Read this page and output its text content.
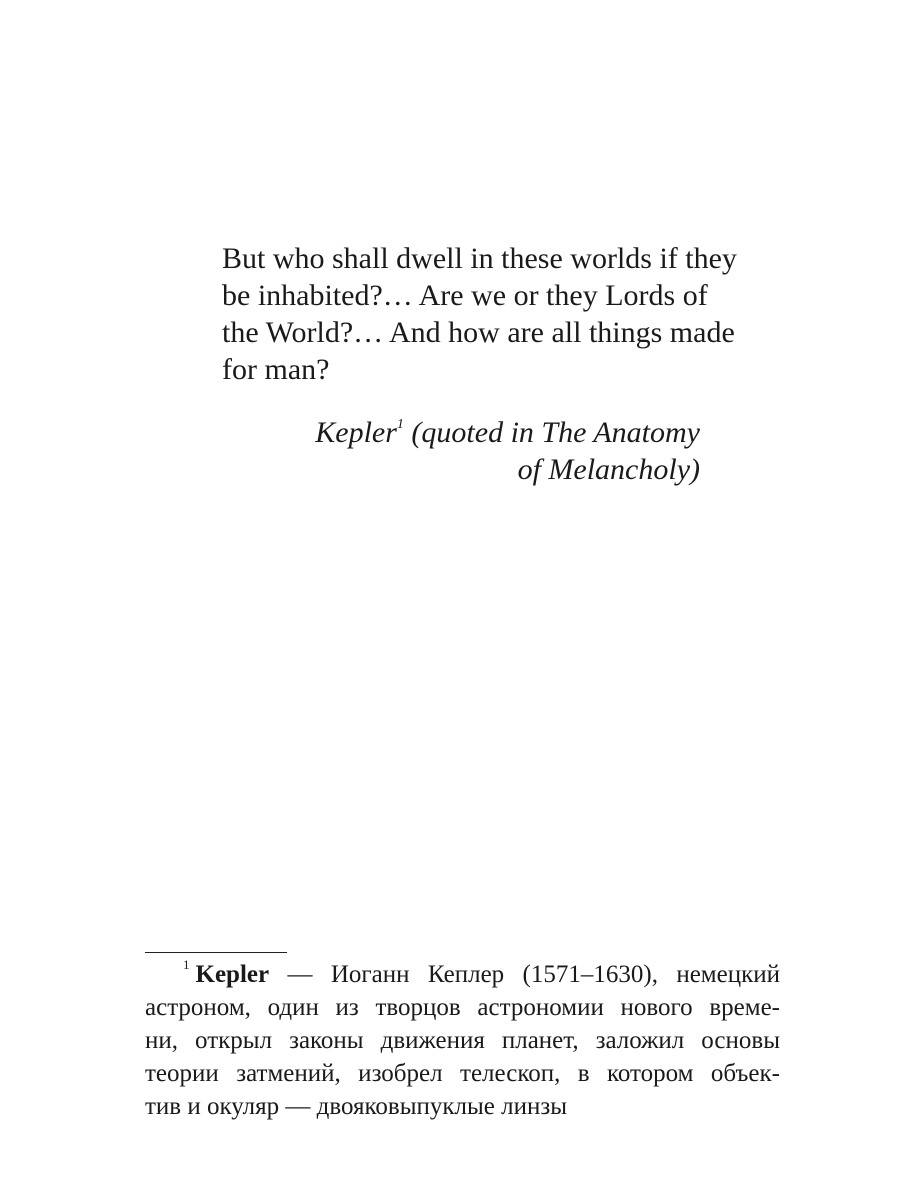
But who shall dwell in these worlds if they
be inhabited?… Are we or they Lords of
the World?… And how are all things made
for man?
Kepler$^1$ (quoted in The Anatomy
of Melancholy)
$^1$ Kepler — Иоганн Кеплер (1571–1630), немецкий
астроном, один из творцов астрономии нового време-
ни, открыл законы движения планет, заложил основы
теории затмений, изобрел телескоп, в котором объек-
тив и окуляр — двояковыпуклые линзы
